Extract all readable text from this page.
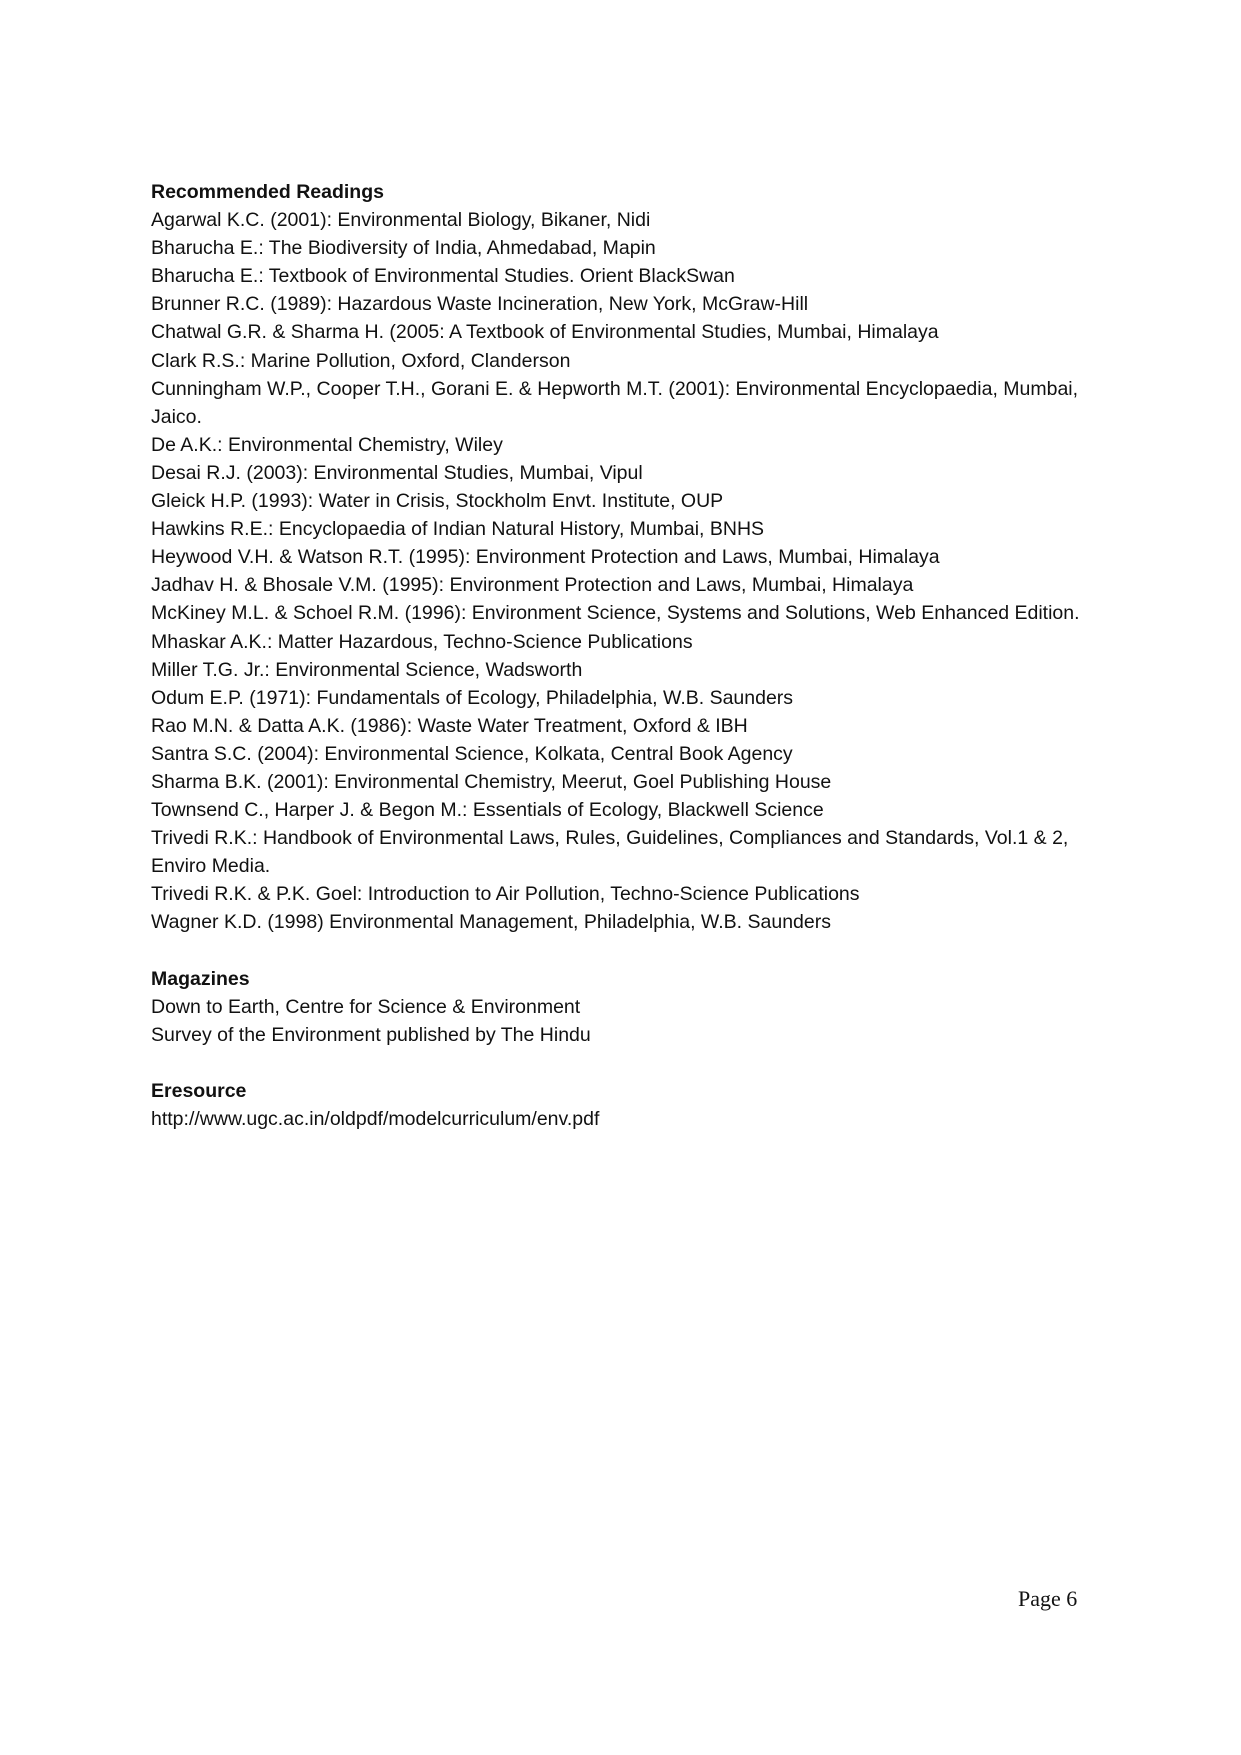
Recommended Readings
Agarwal K.C. (2001): Environmental Biology, Bikaner, Nidi
Bharucha E.: The Biodiversity of India, Ahmedabad, Mapin
Bharucha E.: Textbook of Environmental Studies. Orient BlackSwan
Brunner R.C. (1989): Hazardous Waste Incineration, New York, McGraw-Hill
Chatwal G.R. & Sharma H. (2005: A Textbook of Environmental Studies, Mumbai, Himalaya
Clark R.S.: Marine Pollution, Oxford, Clanderson
Cunningham W.P., Cooper T.H., Gorani E. & Hepworth M.T. (2001): Environmental Encyclopaedia, Mumbai, Jaico.
De A.K.: Environmental Chemistry, Wiley
Desai R.J. (2003): Environmental Studies, Mumbai, Vipul
Gleick H.P. (1993): Water in Crisis, Stockholm Envt. Institute, OUP
Hawkins R.E.: Encyclopaedia of Indian Natural History, Mumbai, BNHS
Heywood V.H. & Watson R.T. (1995): Environment Protection and Laws, Mumbai, Himalaya
Jadhav H. & Bhosale V.M. (1995): Environment Protection and Laws, Mumbai, Himalaya
McKiney M.L. & Schoel R.M. (1996): Environment Science, Systems and Solutions, Web Enhanced Edition.
Mhaskar A.K.: Matter Hazardous, Techno-Science Publications
Miller T.G. Jr.: Environmental Science, Wadsworth
Odum E.P. (1971): Fundamentals of Ecology, Philadelphia, W.B. Saunders
Rao M.N. & Datta A.K. (1986): Waste Water Treatment, Oxford & IBH
Santra S.C. (2004): Environmental Science, Kolkata, Central Book Agency
Sharma B.K. (2001): Environmental Chemistry, Meerut, Goel Publishing House
Townsend C., Harper J. & Begon M.: Essentials of Ecology, Blackwell Science
Trivedi R.K.: Handbook of Environmental Laws, Rules, Guidelines, Compliances and Standards, Vol.1 & 2, Enviro Media.
Trivedi R.K. & P.K. Goel: Introduction to Air Pollution, Techno-Science Publications
Wagner K.D. (1998) Environmental Management, Philadelphia, W.B. Saunders
Magazines
Down to Earth, Centre for Science & Environment
Survey of the Environment published by The Hindu
Eresource
http://www.ugc.ac.in/oldpdf/modelcurriculum/env.pdf
Page 6
